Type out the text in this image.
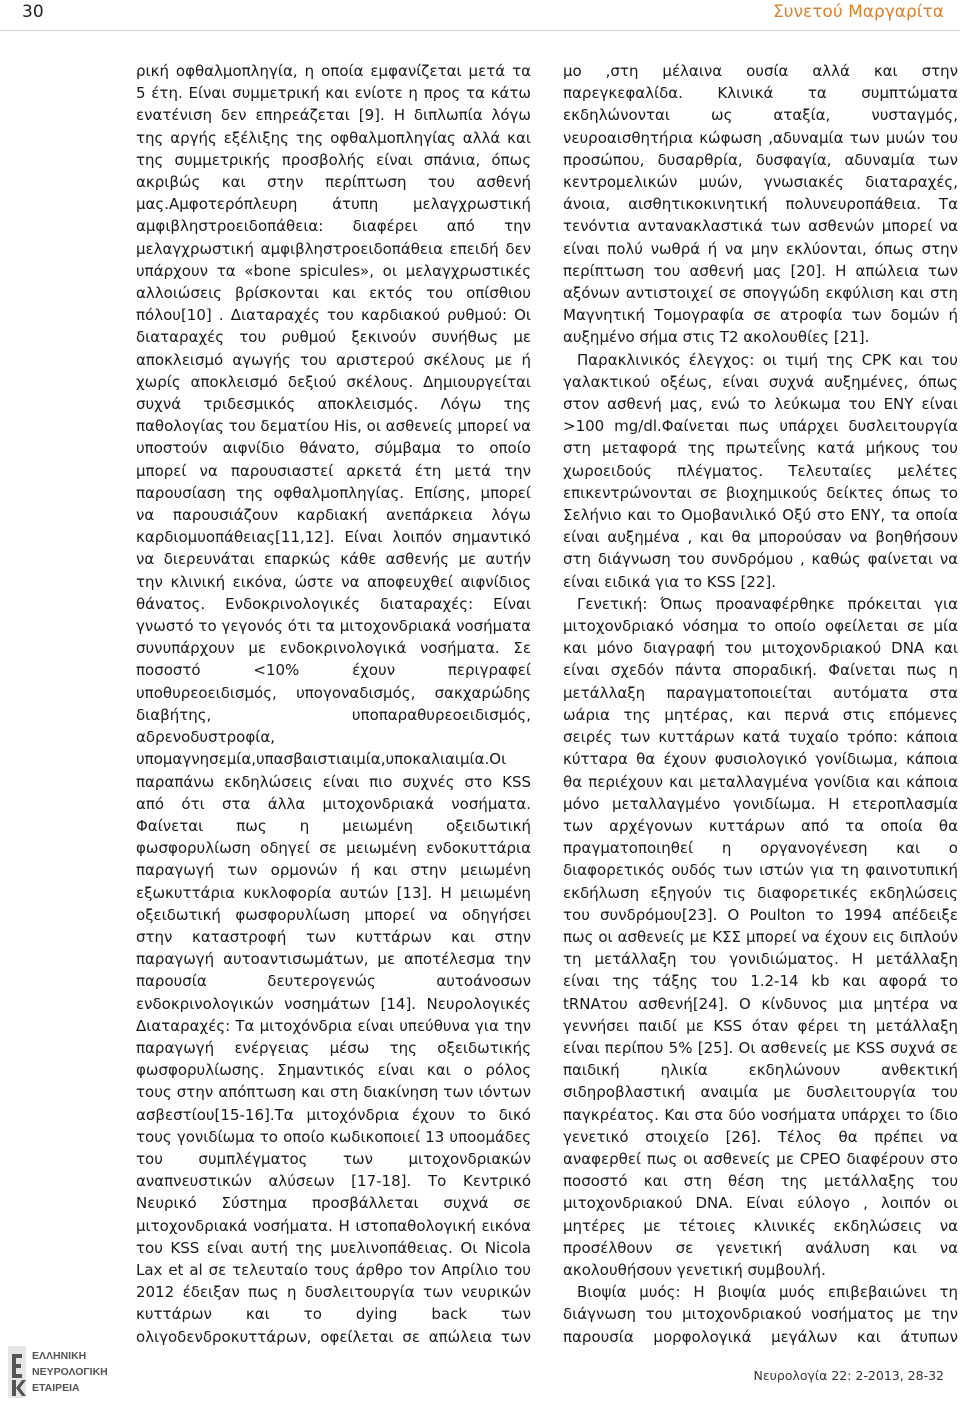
30	Συνετού Μαργαρίτα

ρική οφθαλμοπληγία, η οποία εμφανίζεται μετά τα 5 έτη. Είναι συμμετρική και ενίοτε η πρoς τα κάτω ενατένιση δεν επηρεάζεται [9]. Η διπλωπία λόγω της αργής εξέλιξης της οφθαλμοπληγίας αλλά και της συμμετρικής προσβολής είναι σπάνια, όπως ακριβώς και στην περίπτωση του ασθενή μας.Αμφοτερόπλευρη άτυπη μελαγχρωστική αμφιβληστροειδοπάθεια: διαφέρει από την μελαγχρωστική αμφιβληστροειδοπάθεια επειδή δεν υπάρχουν τα «bone spicules», οι μελαγχρωστικές αλλοιώσεις βρίσκονται και εκτός του οπίσθιου πόλου[10] . Διαταραχές του καρδιακού ρυθμού: Οι διαταραχές του ρυθμού ξεκινούν συνήθως με αποκλεισμό αγωγής του αριστερού σκέλους με ή χωρίς αποκλεισμό δεξιού σκέλους. Δημιουργείται συχνά τριδεσμικός αποκλεισμός. Λόγω της παθολογίας του δεματίου His, οι ασθενείς μπορεί να υποστούν αιφνίδιο θάνατο, σύμβαμα το οποίο μπορεί να παρουσιαστεί αρκετά έτη μετά την παρουσίαση της οφθαλμοπληγίας. Επίσης, μπορεί να παρουσιάζουν καρδιακή ανεπάρκεια λόγω καρδιομυοπάθειας[11,12]. Είναι λοιπόν σημαντικό να διερευνάται επαρκώς κάθε ασθενής με αυτήν την κλινική εικόνα, ώστε να αποφευχθεί αιφνίδιος θάνατος. Ενδοκρινολογικές διαταραχές: Είναι γνωστό το γεγονός ότι τα μιτοχονδριακά νοσήματα συνυπάρχουν με ενδοκρινολογικά νοσήματα. Σε ποσοστό <10% έχουν περιγραφεί υποθυρεοειδισμός, υπογοναδισμός, σακχαρώδης διαβήτης, υποπαραθυρεοειδισμός, αδρενοδυστροφία, υπομαγνησεμία,υπασβαιστιαιμία,υποκαλιαιμία.Οι παραπάνω εκδηλώσεις είναι πιο συχνές στο KSS από ότι στα άλλα μιτοχονδριακά νοσήματα. Φαίνεται πως η μειωμένη οξειδωτική φωσφορυλίωση οδηγεί σε μειωμένη ενδοκυττάρια παραγωγή των ορμονών ή και στην μειωμένη εξωκυττάρια κυκλοφορία αυτών [13]. Η μειωμένη οξειδωτική φωσφορυλίωση μπορεί να οδηγήσει στην καταστροφή των κυττάρων και στην παραγωγή αυτοαντισωμάτων, με αποτέλεσμα την παρουσία δευτερογενώς αυτοάνοσων ενδοκρινολογικών νοσημάτων [14]. Νευρολογικές Διαταραχές: Τα μιτοχόνδρια είναι υπεύθυνα για την παραγωγή ενέργειας μέσω της οξειδωτικής φωσφορυλίωσης. Σημαντικός είναι και ο ρόλος τους στην απόπτωση και στη διακίνηση των ιόντων ασβεστίου[15-16].Τα μιτοχόνδρια έχουν το δικό τους γονιδίωμα το οποίο κωδικοποιεί 13 υποομάδες του συμπλέγματος των μιτοχονδριακών αναπνευστικών αλύσεων [17-18]. Το Κεντρικό Νευρικό Σύστημα προσβάλλεται συχνά σε μιτοχονδριακά νοσήματα. Η ιστοπαθολογική εικόνα του KSS είναι αυτή της μυελινοπάθειας. Οι Nicola Lax et al σε τελευταίο τους άρθρο τον Απρίλιο του 2012 έδειξαν πως η δυσλειτουργία των νευρικών κυττάρων και το dying back των ολιγοδενδροκυττάρων, οφείλεται σε απώλεια των

μο ,στη μέλαινα ουσία αλλά και στην παρεγκεφαλίδα. Κλινικά τα συμπτώματα εκδηλώνονται ως αταξία, νυσταγμός, νευροαισθητήρια κώφωση ,αδυναμία των μυών του προσώπου, δυσαρθρία, δυσφαγία, αδυναμία των κεντρομελικών μυών, γνωσιακές διαταραχές, άνοια, αισθητικοκινητική πολυνευροπάθεια. Τα τενόντια αντανακλαστικά των ασθενών μπορεί να είναι πολύ νωθρά ή να μην εκλύονται, όπως στην περίπτωση του ασθενή μας [20]. Η απώλεια των αξόνων αντιστοιχεί σε σπογγώδη εκφύλιση και στη Μαγνητική Τομογραφία σε ατροφία των δομών ή αυξημένο σήμα στις Τ2 ακολουθίες [21].

Παρακλινικός έλεγχος: οι τιμή της CPK και του γαλακτικού οξέως, είναι συχνά αυξημένες, όπως στον ασθενή μας, ενώ το λεύκωμα του ΕΝΥ είναι >100 mg/dl.Φαίνεται πως υπάρχει δυσλειτουργία στη μεταφορά της πρωτεΐνης κατά μήκους του χωροειδούς πλέγματος. Τελευταίες μελέτες επικεντρώνονται σε βιοχημικούς δείκτες όπως το Σελήνιο και το Ομοβανιλικό Οξύ στο ΕΝΥ, τα οποία είναι αυξημένα , και θα μπορούσαν να βοηθήσουν στη διάγνωση του συνδρόμου , καθώς φαίνεται να είναι ειδικά για το KSS [22].

Γενετική: Όπως προαναφέρθηκε πρόκειται για μιτοχονδριακό νόσημα το οποίο οφείλεται σε μία και μόνο διαγραφή του μιτοχονδριακού DNA και είναι σχεδόν πάντα σποραδική. Φαίνεται πως η μετάλλαξη παραγματοποιείται αυτόματα στα ωάρια της μητέρας, και περνά στις επόμενες σειρές των κυττάρων κατά τυχαίο τρόπο: κάποια κύτταρα θα έχουν φυσιολογικό γονίδιωμα, κάποια θα περιέχουν και μεταλλαγμένα γονίδια και κάποια μόνο μεταλλαγμένο γονιδίωμα. Η ετεροπλασμία των αρχέγονων κυττάρων από τα οποία θα πραγματοποιηθεί η οργανογένεση και ο διαφορετικός ουδός των ιστών για τη φαινοτυπική εκδήλωση εξηγούν τις διαφορετικές εκδηλώσεις του συνδρόμου[23]. Ο Poulton το 1994 απέδειξε πως οι ασθενείς με ΚΣΣ μπορεί να έχουν εις διπλούν τη μετάλλαξη του γονιδιώματος. Η μετάλλαξη είναι της τάξης του 1.2-14 kb και αφορά το tRNAτου ασθενή[24]. Ο κίνδυνος μια μητέρα να γεννήσει παιδί με KSS όταν φέρει τη μετάλλαξη είναι περίπου 5% [25]. Οι ασθενείς με KSS συχνά σε παιδική ηλικία εκδηλώνουν ανθεκτική σιδηροβλαστική αναιμία με δυσλειτουργία του παγκρέατος. Και στα δύο νοσήματα υπάρχει το ίδιο γενετικό στοιχείο [26]. Τέλος θα πρέπει να αναφερθεί πως οι ασθενείς με CPEO διαφέρουν στο ποσοστό και στη θέση της μετάλλαξης του μιτοχονδριακού DNA. Είναι εύλογο , λοιπόν οι μητέρες με τέτοιες κλινικές εκδηλώσεις να προσέλθουν σε γενετική ανάλυση και να ακολουθήσουν γενετική συμβουλή.

Βιοψία μυός: Η βιοψία μυός επιβεβαιώνει τη διάγνωση του μιτοχονδριακού νοσήματος με την παρουσία μορφολογικά μεγάλων και άτυπων

ΕΛΛΗΝΙΚΗ
ΝΕΥΡΟΛΟΓΙΚΗ
ΕΤΑΙΡΕΙΑ
Νευρολογία 22: 2-2013, 28-32
